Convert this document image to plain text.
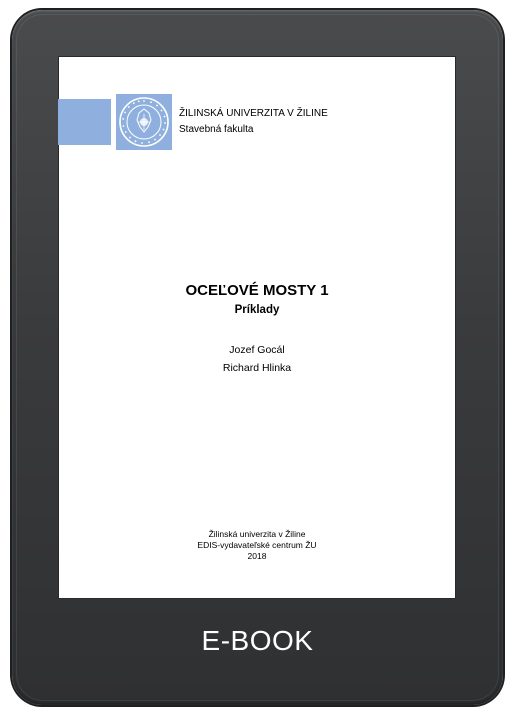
ŽILINSKÁ UNIVERZITA V ŽILINE
Stavebná fakulta
OCEĽOVÉ MOSTY 1
Príklady
Jozef Gocál
Richard Hlinka
Žilinská univerzita v Žiline
EDIS-vydavateľské centrum ŽU
2018
E-BOOK
